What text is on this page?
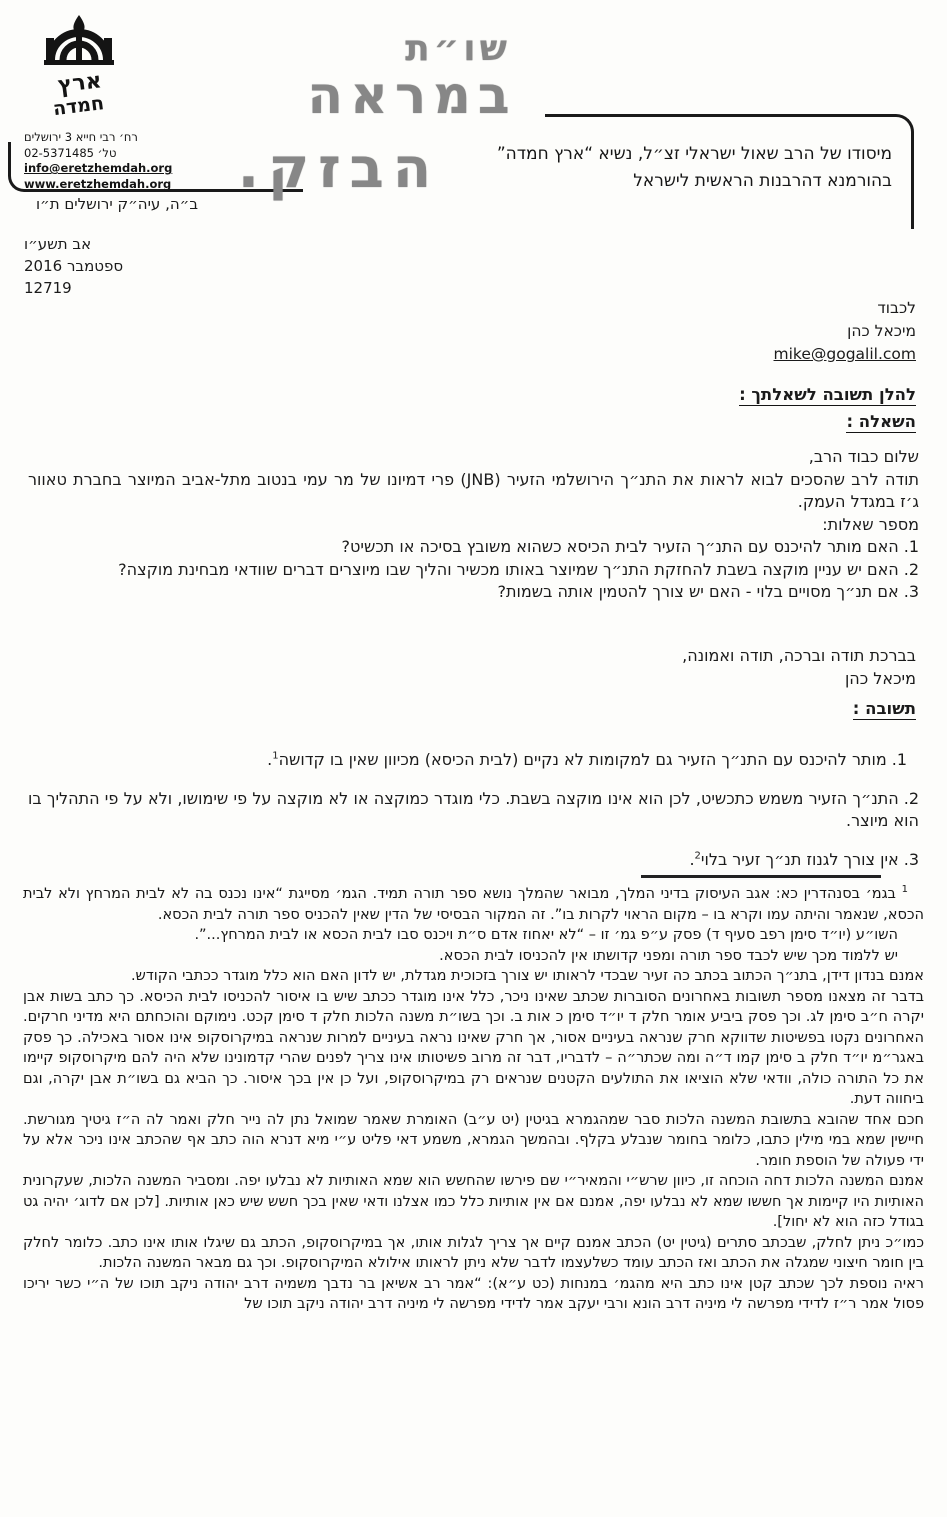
ארץ
חמדה
רח׳ רבי חייא 3 ירושלים
טל׳ 02-5371485
info@eretzhemdah.org
www.eretzhemdah.org
ב״ה, עיה״ק ירושלים ת״ו
שו״ת
במראה
הבזק.	מיסודו של הרב שאול ישראלי זצ״ל, נשיא “ארץ חמדה”
בהורמנא דהרבנות הראשית לישראל
אב תשע״ו
ספטמבר 2016
12719
לכבוד
מיכאל כהן
mike@gogalil.com
להלן תשובה לשאלתך :
השאלה :

שלום כבוד הרב,

תודה לרב שהסכים לבוא לראות את התנ״ך הירושלמי הזעיר (JNB) פרי דמיונו של מר עמי בנטוב מתל-אביב המיוצר בחברת טאוור ג׳ז במגדל העמק.

מספר שאלות:

1.האם מותר להיכנס עם התנ״ך הזעיר לבית הכיסא כשהוא משובץ בסיכה או תכשיט?

2.האם יש עניין מוקצה בשבת להחזקת התנ״ך שמיוצר באותו מכשיר והליך שבו מיוצרים דברים שוודאי מבחינת מוקצה?

3.אם תנ״ך מסויים בלוי - האם יש צורך להטמין אותה בשמות?

בברכת תודה וברכה, תודה ואמונה,
מיכאל כהן
תשובה :

1.מותר להיכנס עם התנ״ך הזעיר גם למקומות לא נקיים (לבית הכיסא) מכיוון שאין בו קדושה$^1$.

2.התנ״ך הזעיר משמש כתכשיט, לכן הוא אינו מוקצה בשבת. כלי מוגדר כמוקצה או לא מוקצה על פי שימושו, ולא על פי התהליך בו הוא מיוצר.

3.אין צורך לגנוז תנ״ך זעיר בלוי$^2$.

$^1$ בגמ׳ בסנהדרין כא: אגב העיסוק בדיני המלך, מבואר שהמלך נושא ספר תורה תמיד. הגמ׳ מסייגת “אינו נכנס בה לא לבית המרחץ ולא לבית הכסא, שנאמר והיתה עמו וקרא בו – מקום הראוי לקרות בו”. זה המקור הבסיסי של הדין שאין להכניס ספר תורה לבית הכסא.

השו״ע (יו״ד סימן רפב סעיף ד) פסק ע״פ גמ׳ זו – “לא יאחוז אדם ס״ת ויכנס סבו לבית הכסא או לבית המרחץ...”.

יש ללמוד מכך שיש לכבד ספר תורה ומפני קדושתו אין להכניסו לבית הכסא.

אמנם בנדון דידן, בתנ״ך הכתוב בכתב כה זעיר שבכדי לראותו יש צורך בזכוכית מגדלת, יש לדון האם הוא כלל מוגדר ככתבי הקודש.

בדבר זה מצאנו מספר תשובות באחרונים הסוברות שכתב שאינו ניכר, כלל אינו מוגדר ככתב שיש בו איסור להכניסו לבית הכיסא. כך כתב בשות אבן יקרה ח״ב סימן לג. וכך פסק ביביע אומר חלק ד יו״ד סימן כ אות ב. וכך בשו״ת משנה הלכות חלק ד סימן קכט. נימוקם והוכחתם היא מדיני חרקים. האחרונים נקטו בפשיטות שדווקא חרק שנראה בעיניים אסור, אך חרק שאינו נראה בעיניים למרות שנראה במיקרוסקופ אינו אסור באכילה. כך פסק באגר״מ יו״ד חלק ב סימן קמו ד״ה ומה שכתר״ה – לדבריו, דבר זה מרוב פשיטותו אינו צריך לפנים שהרי קדמונינו שלא היה להם מיקרוסקופ קיימו את כל התורה כולה, וודאי שלא הוציאו את התולעים הקטנים שנראים רק במיקרוסקופ, ועל כן אין בכך איסור. כך הביא גם בשו״ת אבן יקרה, וגם ביחווה דעת.

חכם אחד שהובא בתשובת המשנה הלכות סבר שמהגמרא בגיטין (יט ע״ב) האומרת שאמר שמואל נתן לה נייר חלק ואמר לה ה״ז גיטיך מגורשת. חיישין שמא במי מילין כתבו, כלומר בחומר שנבלע בקלף. ובהמשך הגמרא, משמע דאי פליט ע״י מיא דנרא הוה כתב אף שהכתב אינו ניכר אלא על ידי פעולה של הוספת חומר.

אמנם המשנה הלכות דחה הוכחה זו, כיוון שרש״י והמאיר״י שם פירשו שהחשש הוא שמא האותיות לא נבלעו יפה. ומסביר המשנה הלכות, שעקרונית האותיות היו קיימות אך חששו שמא לא נבלעו יפה, אמנם אם אין אותיות כלל כמו אצלנו ודאי שאין בכך חשש שיש כאן אותיות. [לכן אם לדוג׳ יהיה גט בגודל כזה הוא לא יחול].

כמו״כ ניתן לחלק, שבכתב סתרים (גיטין יט) הכתב אמנם קיים אך צריך לגלות אותו, אך במיקרוסקופ, הכתב גם שיגלו אותו אינו כתב. כלומר לחלק בין חומר חיצוני שמגלה את הכתב ואז הכתב עומד כשלעצמו לדבר שלא ניתן לראותו אילולא המיקרוסקופ. וכך גם מבאר המשנה הלכות.

ראיה נוספת לכך שכתב קטן אינו כתב היא מהגמ׳ במנחות (כט ע״א): “אמר רב אשיאן בר נדבך משמיה דרב יהודה ניקב תוכו של ה״י כשר יריכו פסול אמר ר״ז לדידי מפרשה לי מיניה דרב הונא ורבי יעקב אמר לדידי מפרשה לי מיניה דרב יהודה ניקב תוכו של
